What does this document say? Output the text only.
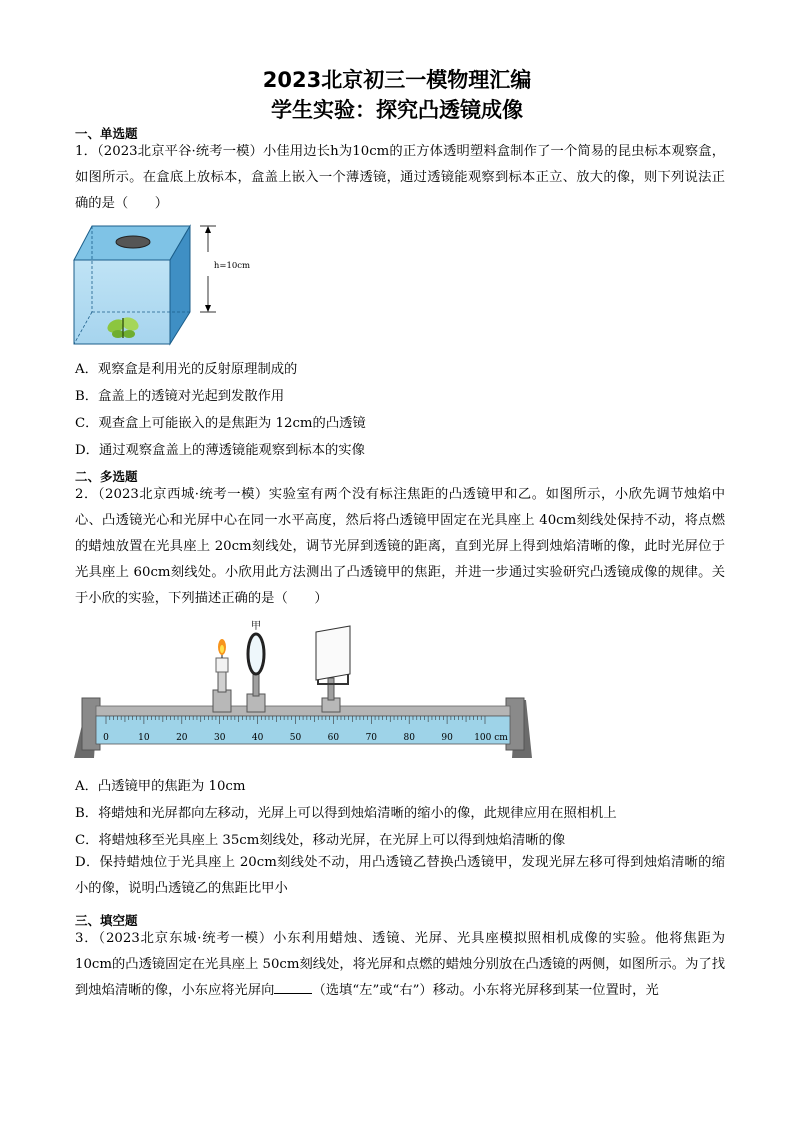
2023北京初三一模物理汇编
学生实验：探究凸透镜成像
一、单选题
1．（2023北京平谷·统考一模）小佳用边长h为10cm的正方体透明塑料盒制作了一个简易的昆虫标本观察盒，如图所示。在盒底上放标本，盒盖上嵌入一个薄透镜，通过透镜能观察到标本正立、放大的像，则下列说法正确的是（　　）
h=10cm
A．观察盒是利用光的反射原理制成的
B．盒盖上的透镜对光起到发散作用
C．观查盒上可能嵌入的是焦距为 12cm的凸透镜
D．通过观察盒盖上的薄透镜能观察到标本的实像
二、多选题
2．（2023北京西城·统考一模）实验室有两个没有标注焦距的凸透镜甲和乙。如图所示，小欣先调节烛焰中心、凸透镜光心和光屏中心在同一水平高度，然后将凸透镜甲固定在光具座上 40cm刻线处保持不动，将点燃的蜡烛放置在光具座上 20cm刻线处，调节光屏到透镜的距离，直到光屏上得到烛焰清晰的像，此时光屏位于光具座上 60cm刻线处。小欣用此方法测出了凸透镜甲的焦距，并进一步通过实验研究凸透镜成像的规律。关于小欣的实验，下列描述正确的是（　　）
0	10	20	30	40	50	60	70	80	90 100 cm
甲
A．凸透镜甲的焦距为 10cm
B．将蜡烛和光屏都向左移动，光屏上可以得到烛焰清晰的缩小的像，此规律应用在照相机上
C．将蜡烛移至光具座上 35cm刻线处，移动光屏，在光屏上可以得到烛焰清晰的像
D．保持蜡烛位于光具座上 20cm刻线处不动，用凸透镜乙替换凸透镜甲，发现光屏左移可得到烛焰清晰的缩小的像，说明凸透镜乙的焦距比甲小
三、填空题
3．（2023北京东城·统考一模）小东利用蜡烛、透镜、光屏、光具座模拟照相机成像的实验。他将焦距为 10cm的凸透镜固定在光具座上 50cm刻线处，将光屏和点燃的蜡烛分别放在凸透镜的两侧，如图所示。为了找到烛焰清晰的像，小东应将光屏向	（选填“左”或“右”）移动。小东将光屏移到某一位置时，光
